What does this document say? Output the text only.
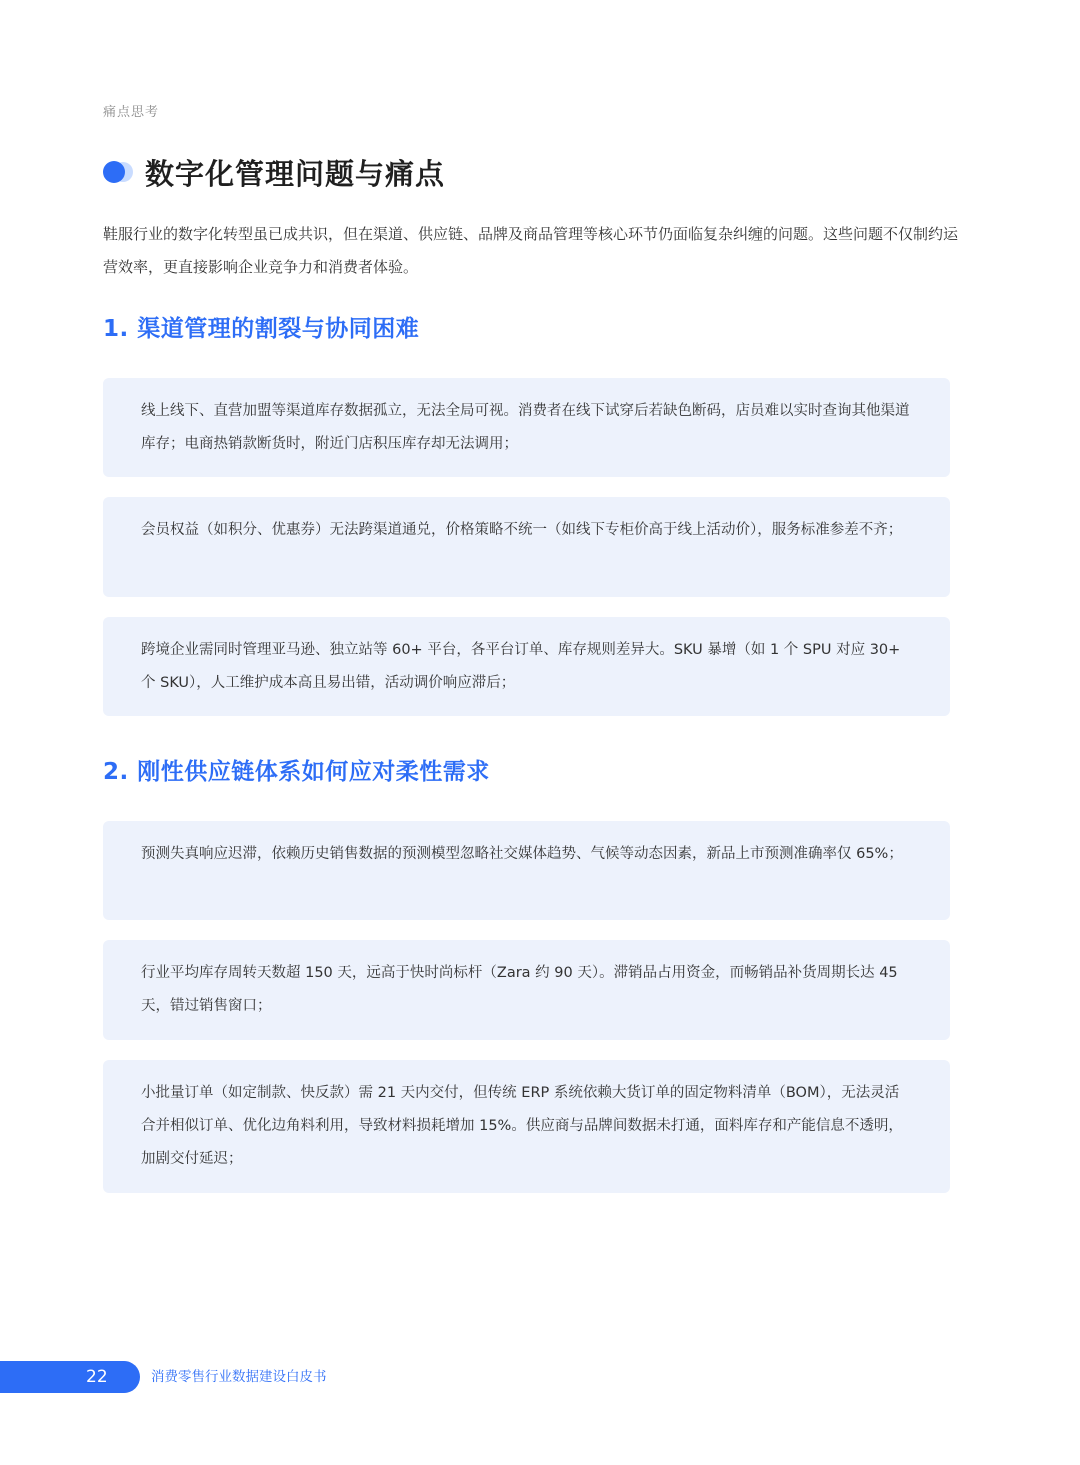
痛点思考
数字化管理问题与痛点

鞋服行业的数字化转型虽已成共识，但在渠道、供应链、品牌及商品管理等核心环节仍面临复杂纠缠的问题。这些问题不仅制约运营效率，更直接影响企业竞争力和消费者体验。

1. 渠道管理的割裂与协同困难

线上线下、直营加盟等渠道库存数据孤立，无法全局可视。消费者在线下试穿后若缺色断码，店员难以实时查询其他渠道库存；电商热销款断货时，附近门店积压库存却无法调用；

会员权益（如积分、优惠券）无法跨渠道通兑，价格策略不统一（如线下专柜价高于线上活动价），服务标准参差不齐；

跨境企业需同时管理亚马逊、独立站等 60+ 平台，各平台订单、库存规则差异大。SKU 暴增（如 1 个 SPU 对应 30+ 个 SKU），人工维护成本高且易出错，活动调价响应滞后；

2. 刚性供应链体系如何应对柔性需求

预测失真响应迟滞，依赖历史销售数据的预测模型忽略社交媒体趋势、气候等动态因素，新品上市预测准确率仅 65%；

行业平均库存周转天数超 150 天，远高于快时尚标杆（Zara 约 90 天）。滞销品占用资金，而畅销品补货周期长达 45 天，错过销售窗口；

小批量订单（如定制款、快反款）需 21 天内交付，但传统 ERP 系统依赖大货订单的固定物料清单（BOM），无法灵活合并相似订单、优化边角料利用，导致材料损耗增加 15%。供应商与品牌间数据未打通，面料库存和产能信息不透明，加剧交付延迟；

22	消费零售行业数据建设白皮书
